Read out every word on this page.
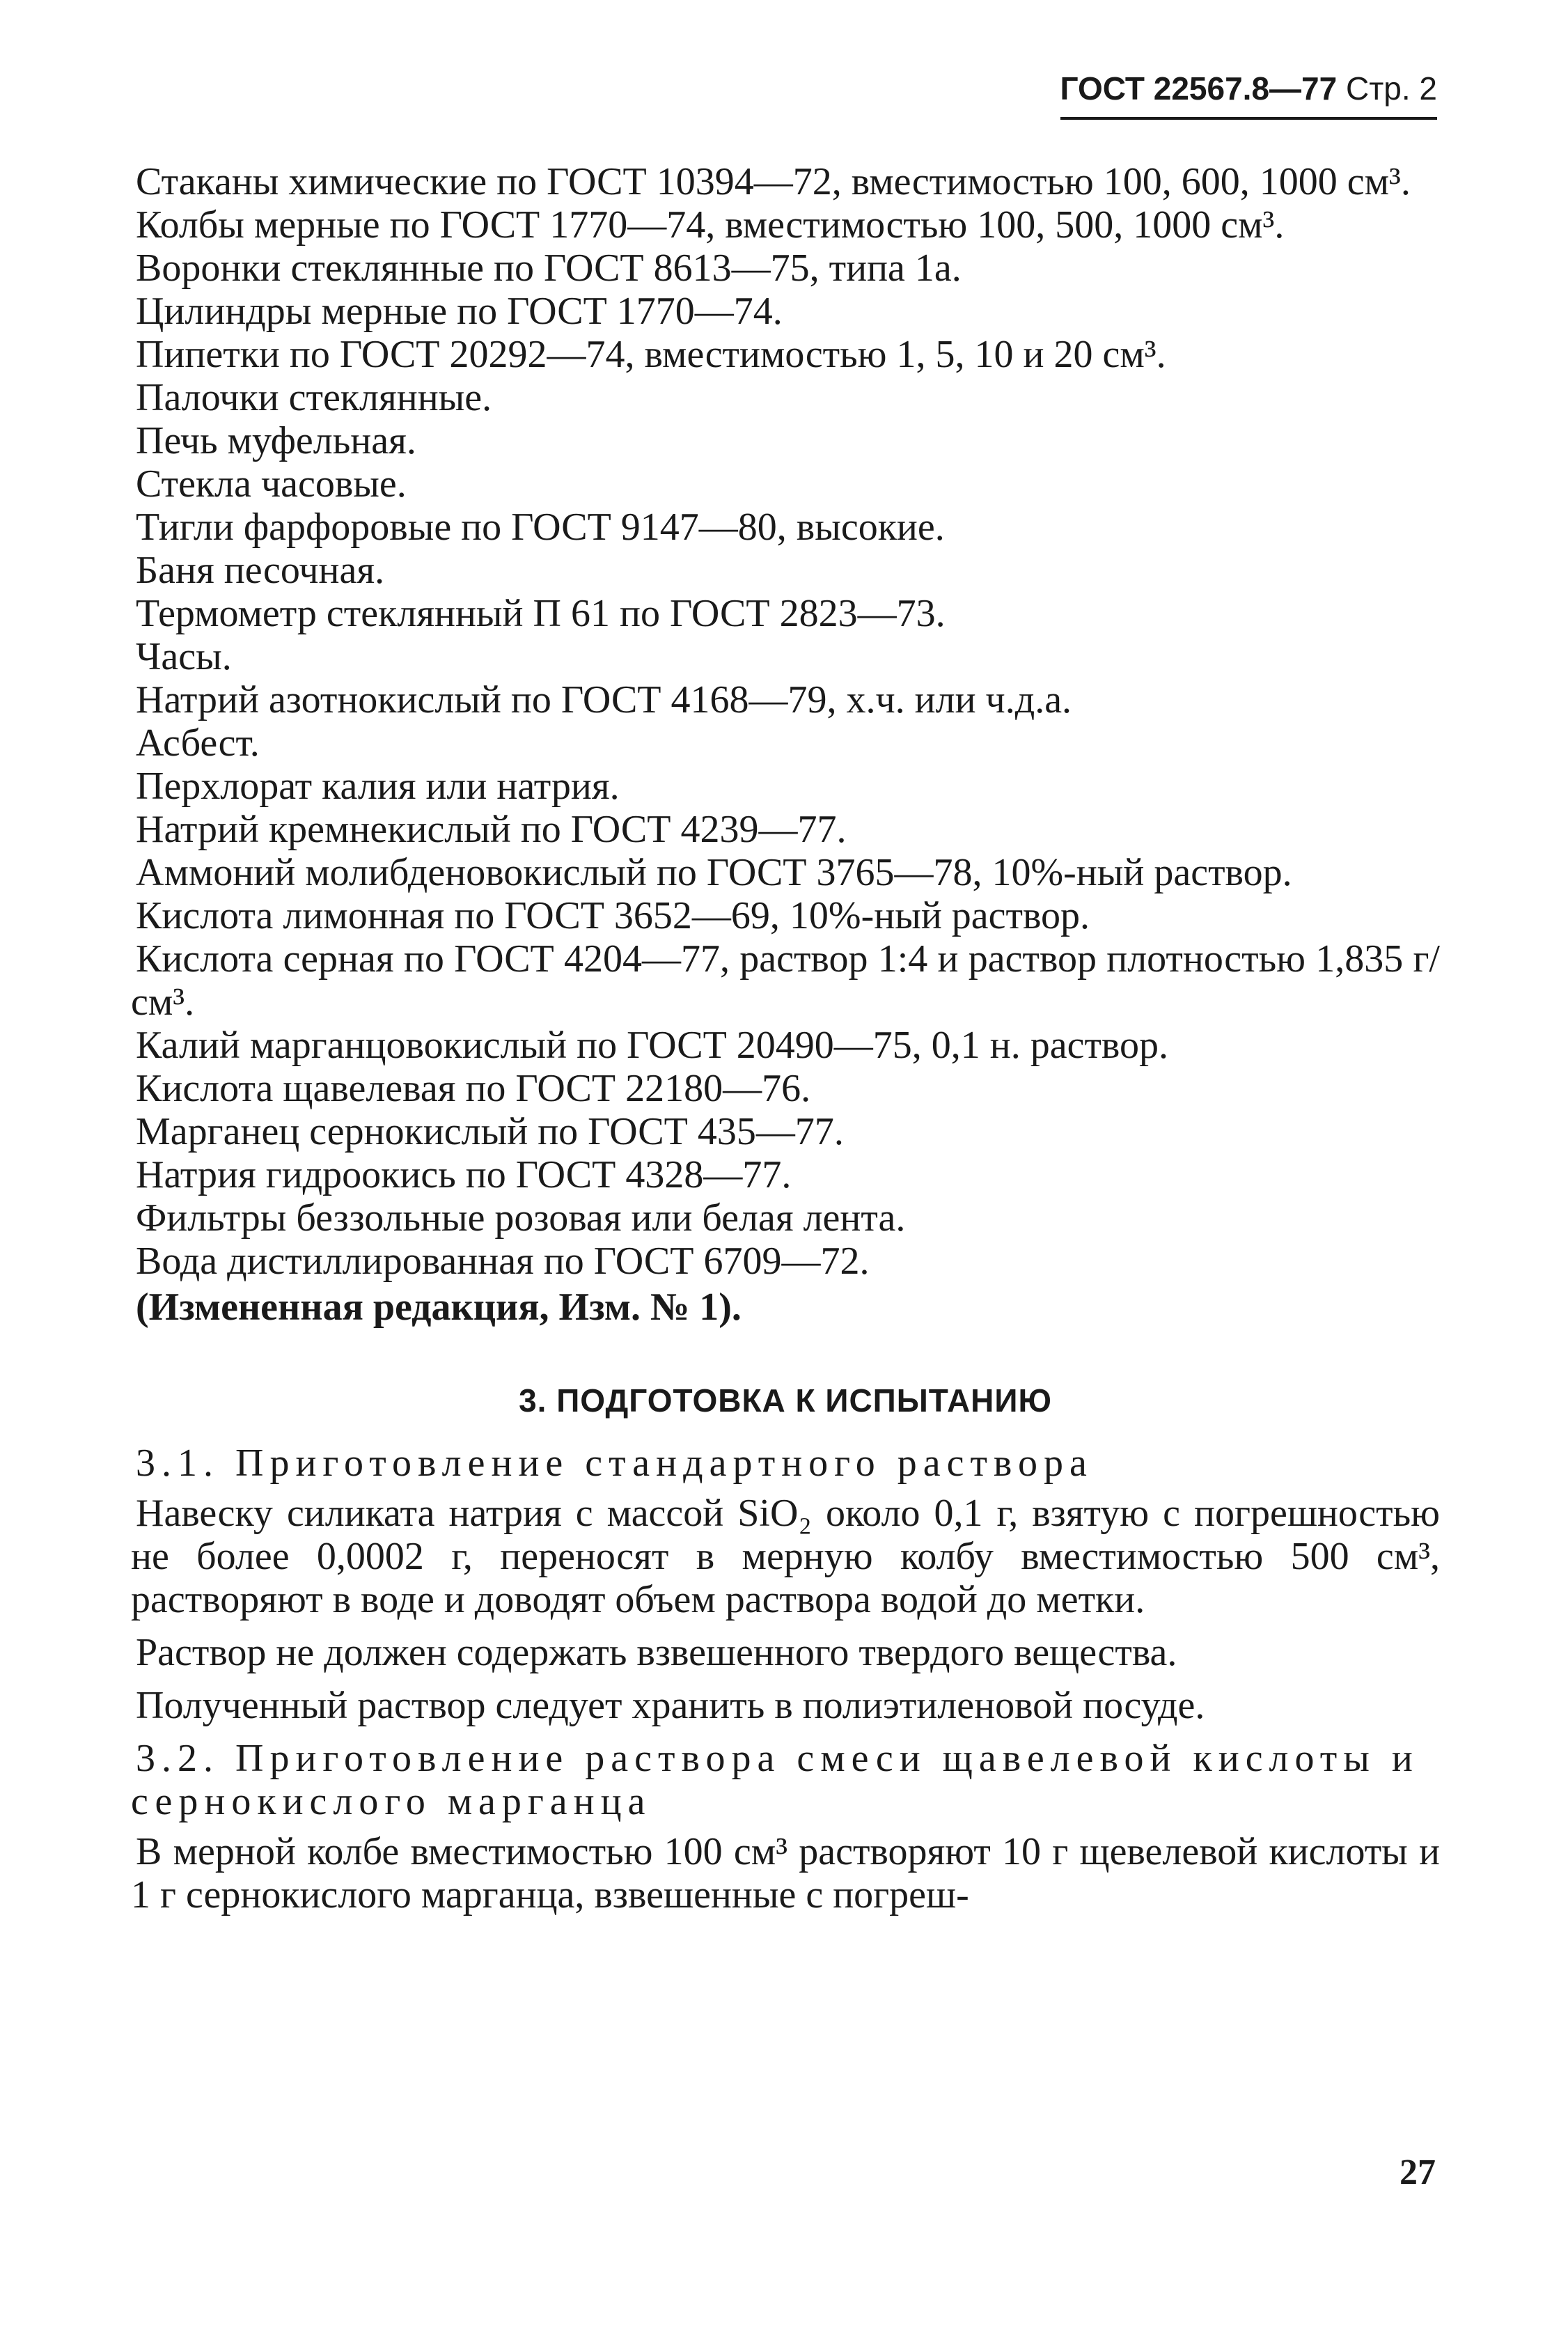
ГОСТ 22567.8—77 Стр. 2

Стаканы химические по ГОСТ 10394—72, вместимостью 100, 600, 1000 см³.

Колбы мерные по ГОСТ 1770—74, вместимостью 100, 500, 1000 см³.

Воронки стеклянные по ГОСТ 8613—75, типа 1а.

Цилиндры мерные по ГОСТ 1770—74.

Пипетки по ГОСТ 20292—74, вместимостью 1, 5, 10 и 20 см³.

Палочки стеклянные.

Печь муфельная.

Стекла часовые.

Тигли фарфоровые по ГОСТ 9147—80, высокие.

Баня песочная.

Термометр стеклянный П 61 по ГОСТ 2823—73.

Часы.

Натрий азотнокислый по ГОСТ 4168—79, х.ч. или ч.д.а.

Асбест.

Перхлорат калия или натрия.

Натрий кремнекислый по ГОСТ 4239—77.

Аммоний молибденовокислый по ГОСТ 3765—78, 10%-ный раствор.

Кислота лимонная по ГОСТ 3652—69, 10%-ный раствор.

Кислота серная по ГОСТ 4204—77, раствор 1:4 и раствор плотностью 1,835 г/см³.

Калий марганцовокислый по ГОСТ 20490—75, 0,1 н. раствор.

Кислота щавелевая по ГОСТ 22180—76.

Марганец сернокислый по ГОСТ 435—77.

Натрия гидроокись по ГОСТ 4328—77.

Фильтры беззольные розовая или белая лента.

Вода дистиллированная по ГОСТ 6709—72.

(Измененная редакция, Изм. № 1).

3. ПОДГОТОВКА К ИСПЫТАНИЮ

3.1. Приготовление стандартного раствора

Навеску силиката натрия с массой SiO₂ около 0,1 г, взятую с погрешностью не более 0,0002 г, переносят в мерную колбу вместимостью 500 см³, растворяют в воде и доводят объем раствора водой до метки.

Раствор не должен содержать взвешенного твердого вещества.

Полученный раствор следует хранить в полиэтиленовой посуде.

3.2. Приготовление раствора смеси щавелевой кислоты и сернокислого марганца

В мерной колбе вместимостью 100 см³ растворяют 10 г щевелевой кислоты и 1 г сернокислого марганца, взвешенные с погреш-

27
